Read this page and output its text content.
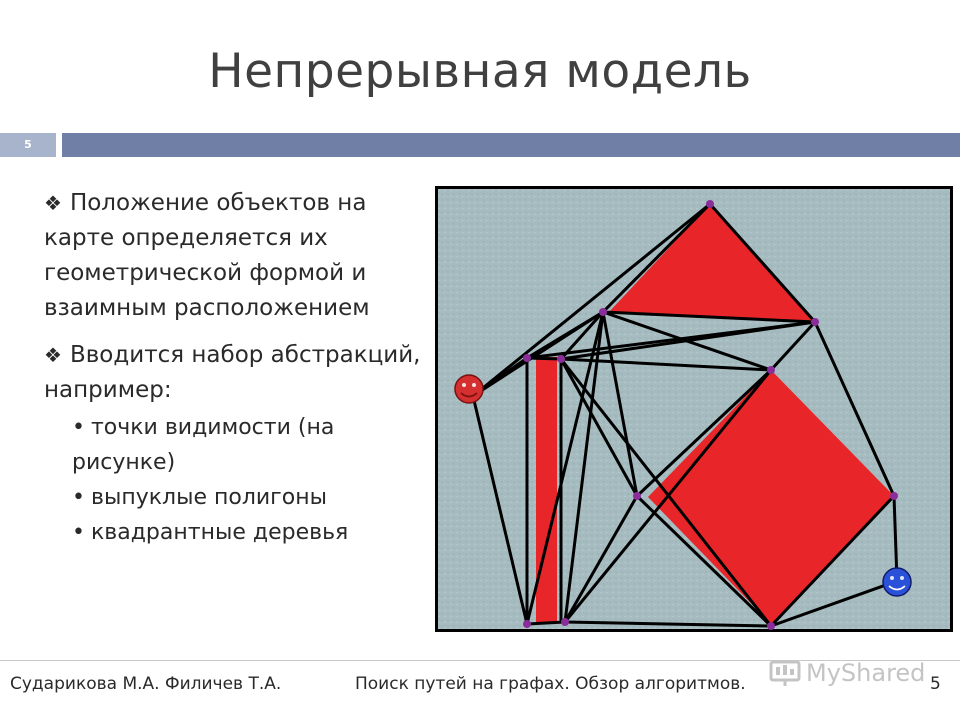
Непрерывная модель
5
❖ Положение объектов на карте определяется их геометрической формой и взаимным расположением
❖ Вводится набор абстракций, например:
• точки видимости (на рисунке)
• выпуклые полигоны
• квадрантные деревья
Сударикова М.А. Филичев Т.А.	Поиск путей на графах. Обзор алгоритмов.	5
MyShared
